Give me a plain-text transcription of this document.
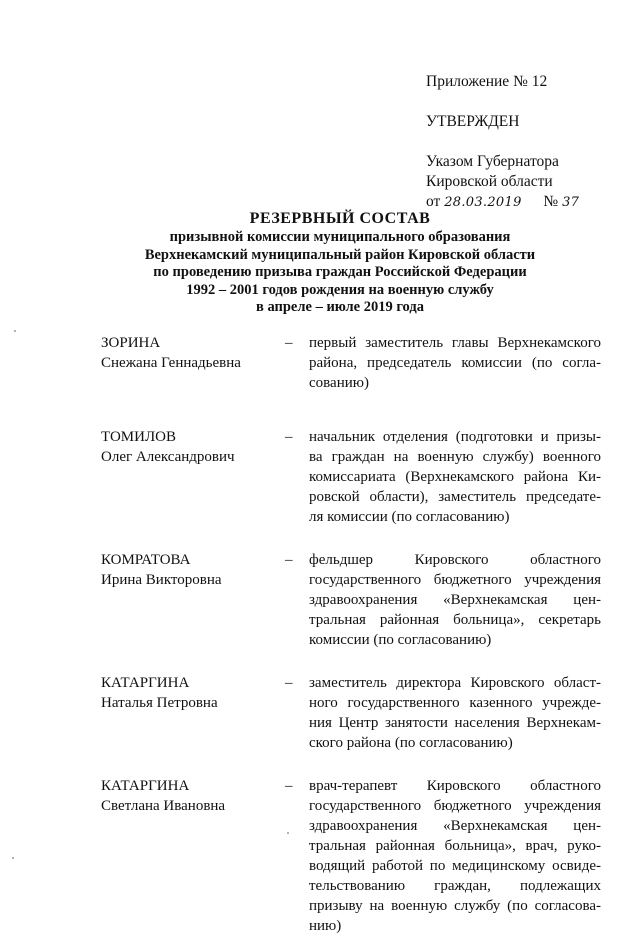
Приложение № 12
УТВЕРЖДЕН
Указом Губернатора
Кировской области
от 28.03.2019 № 37
РЕЗЕРВНЫЙ СОСТАВ
призывной комиссии муниципального образования
Верхнекамский муниципальный район Кировской области
по проведению призыва граждан Российской Федерации
1992 – 2001 годов рождения на военную службу
в апреле – июле 2019 года
ЗОРИНА
Снежана Геннадьевна
–	первый заместитель главы Верхнекамского
района, председатель комиссии (по согла-
сованию)
ТОМИЛОВ
Олег Александрович
–	начальник отделения (подготовки и призы-
ва граждан на военную службу) военного
комиссариата (Верхнекамского района Ки-
ровской области), заместитель председате-
ля комиссии (по согласованию)
КОМРАТОВА
Ирина Викторовна
–	фельдшер Кировского областного
государственного бюджетного учреждения
здравоохранения «Верхнекамская цен-
тральная районная больница», секретарь
комиссии (по согласованию)
КАТАРГИНА
Наталья Петровна
–	заместитель директора Кировского област-
ного государственного казенного учрежде-
ния Центр занятости населения Верхнекам-
ского района (по согласованию)
КАТАРГИНА
Светлана Ивановна
–	врач-терапевт Кировского областного
государственного бюджетного учреждения
здравоохранения «Верхнекамская цен-
тральная районная больница», врач, руко-
водящий работой по медицинскому освиде-
тельствованию граждан, подлежащих
призыву на военную службу (по согласова-
нию)
